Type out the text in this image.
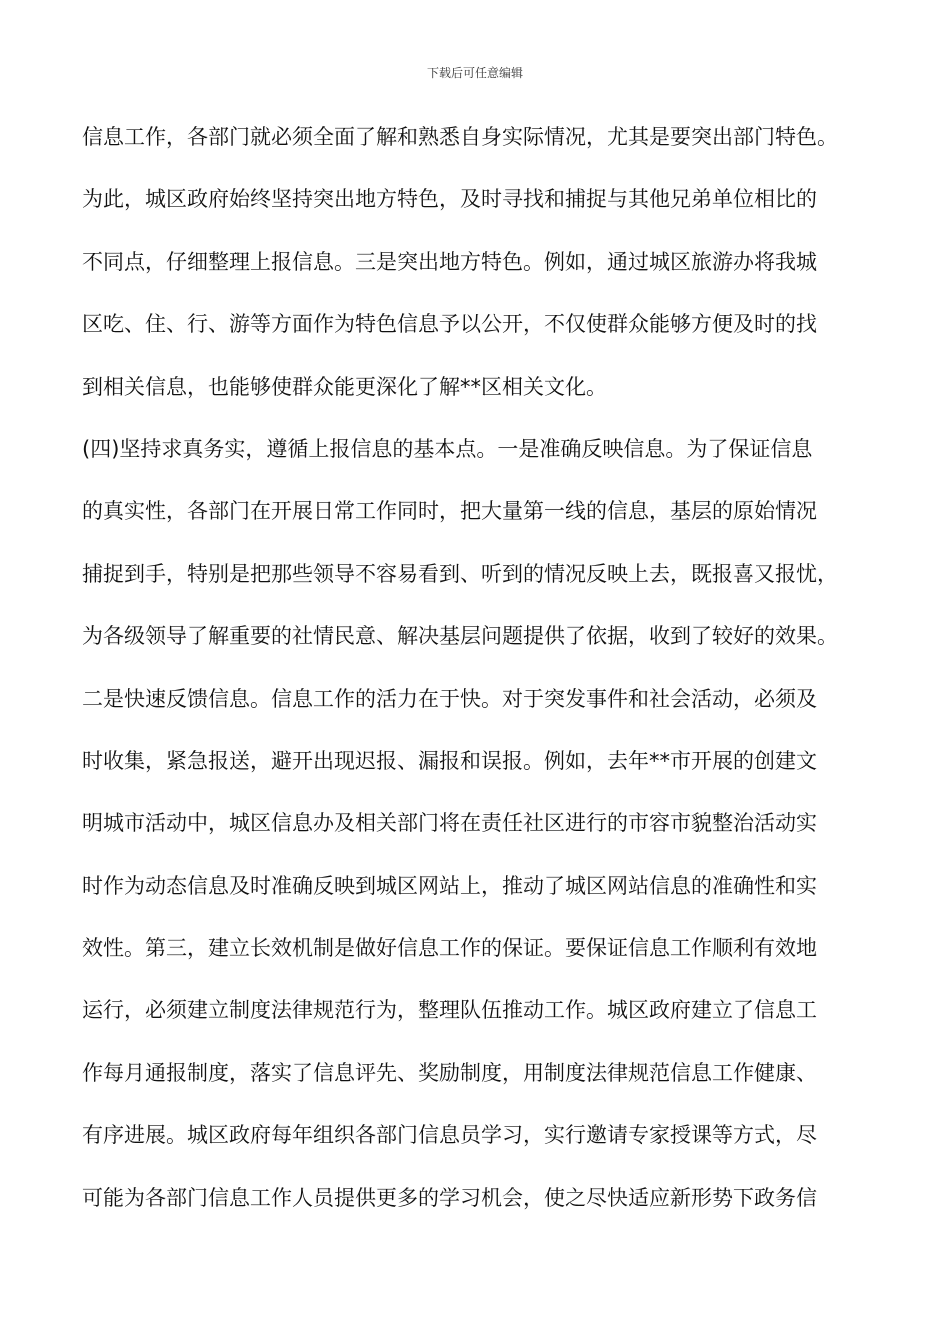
下载后可任意编辑
信息工作，各部门就必须全面了解和熟悉自身实际情况，尤其是要突出部门特色。
为此，城区政府始终坚持突出地方特色，及时寻找和捕捉与其他兄弟单位相比的
不同点，仔细整理上报信息。三是突出地方特色。例如，通过城区旅游办将我城
区吃、住、行、游等方面作为特色信息予以公开，不仅使群众能够方便及时的找
到相关信息，也能够使群众能更深化了解**区相关文化。
(四)坚持求真务实，遵循上报信息的基本点。一是准确反映信息。为了保证信息
的真实性，各部门在开展日常工作同时，把大量第一线的信息，基层的原始情况
捕捉到手，特别是把那些领导不容易看到、听到的情况反映上去，既报喜又报忧，
为各级领导了解重要的社情民意、解决基层问题提供了依据，收到了较好的效果。
二是快速反馈信息。信息工作的活力在于快。对于突发事件和社会活动，必须及
时收集，紧急报送，避开出现迟报、漏报和误报。例如，去年**市开展的创建文
明城市活动中，城区信息办及相关部门将在责任社区进行的市容市貌整治活动实
时作为动态信息及时准确反映到城区网站上，推动了城区网站信息的准确性和实
效性。第三，建立长效机制是做好信息工作的保证。要保证信息工作顺利有效地
运行，必须建立制度法律规范行为，整理队伍推动工作。城区政府建立了信息工
作每月通报制度，落实了信息评先、奖励制度，用制度法律规范信息工作健康、
有序进展。城区政府每年组织各部门信息员学习，实行邀请专家授课等方式，尽
可能为各部门信息工作人员提供更多的学习机会，使之尽快适应新形势下政务信
